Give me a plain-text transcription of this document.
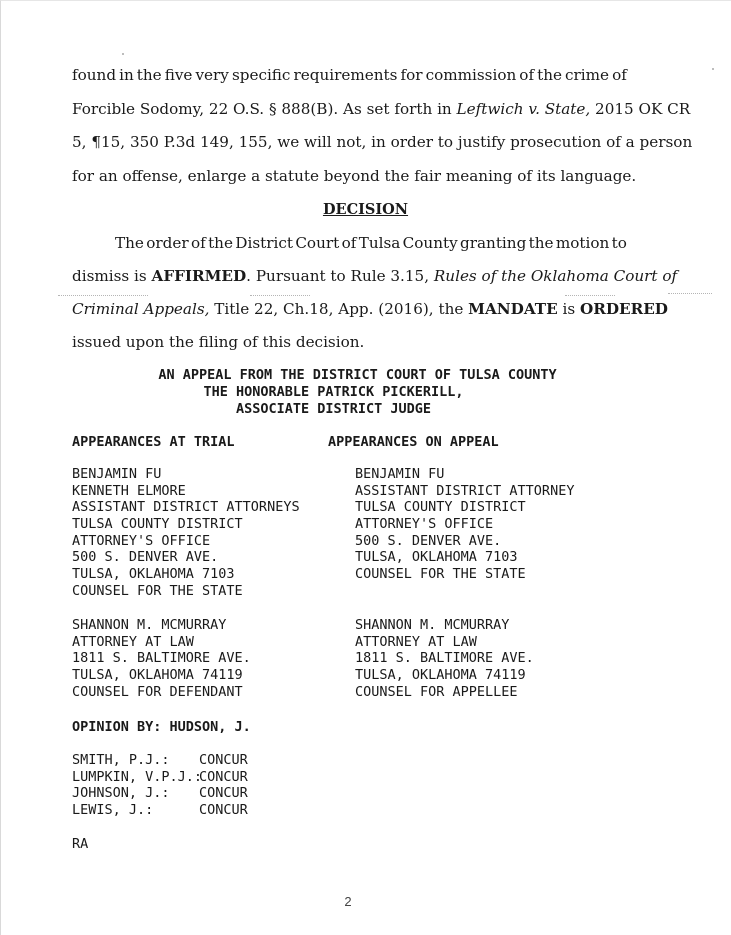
found in the five very specific requirements for commission of the crime of
Forcible Sodomy, 22 O.S. § 888(B). As set forth in Leftwich v. State, 2015 OK CR
5, ¶15, 350 P.3d 149, 155, we will not, in order to justify prosecution of a person
for an offense, enlarge a statute beyond the fair meaning of its language.
DECISION
The order of the District Court of Tulsa County granting the motion to
dismiss is AFFIRMED. Pursuant to Rule 3.15, Rules of the Oklahoma Court of
Criminal Appeals, Title 22, Ch.18, App. (2016), the MANDATE is ORDERED
issued upon the filing of this decision.
AN APPEAL FROM THE DISTRICT COURT OF TULSA COUNTY
THE HONORABLE PATRICK PICKERILL,
ASSOCIATE DISTRICT JUDGE
APPEARANCES AT TRIAL	APPEARANCES ON APPEAL
BENJAMIN FU
KENNETH ELMORE
ASSISTANT DISTRICT ATTORNEYS
TULSA COUNTY DISTRICT
ATTORNEY'S OFFICE
500 S. DENVER AVE.
TULSA, OKLAHOMA 7103
COUNSEL FOR THE STATE
BENJAMIN FU
ASSISTANT DISTRICT ATTORNEY
TULSA COUNTY DISTRICT
ATTORNEY'S OFFICE
500 S. DENVER AVE.
TULSA, OKLAHOMA 7103
COUNSEL FOR THE STATE
SHANNON M. MCMURRAY
ATTORNEY AT LAW
1811 S. BALTIMORE AVE.
TULSA, OKLAHOMA 74119
COUNSEL FOR DEFENDANT
SHANNON M. MCMURRAY
ATTORNEY AT LAW
1811 S. BALTIMORE AVE.
TULSA, OKLAHOMA 74119
COUNSEL FOR APPELLEE
OPINION BY: HUDSON, J.
SMITH, P.J.: CONCUR
LUMPKIN, V.P.J.:
CONCUR
JOHNSON, J.: CONCUR
LEWIS, J.:	CONCUR
RA
2
